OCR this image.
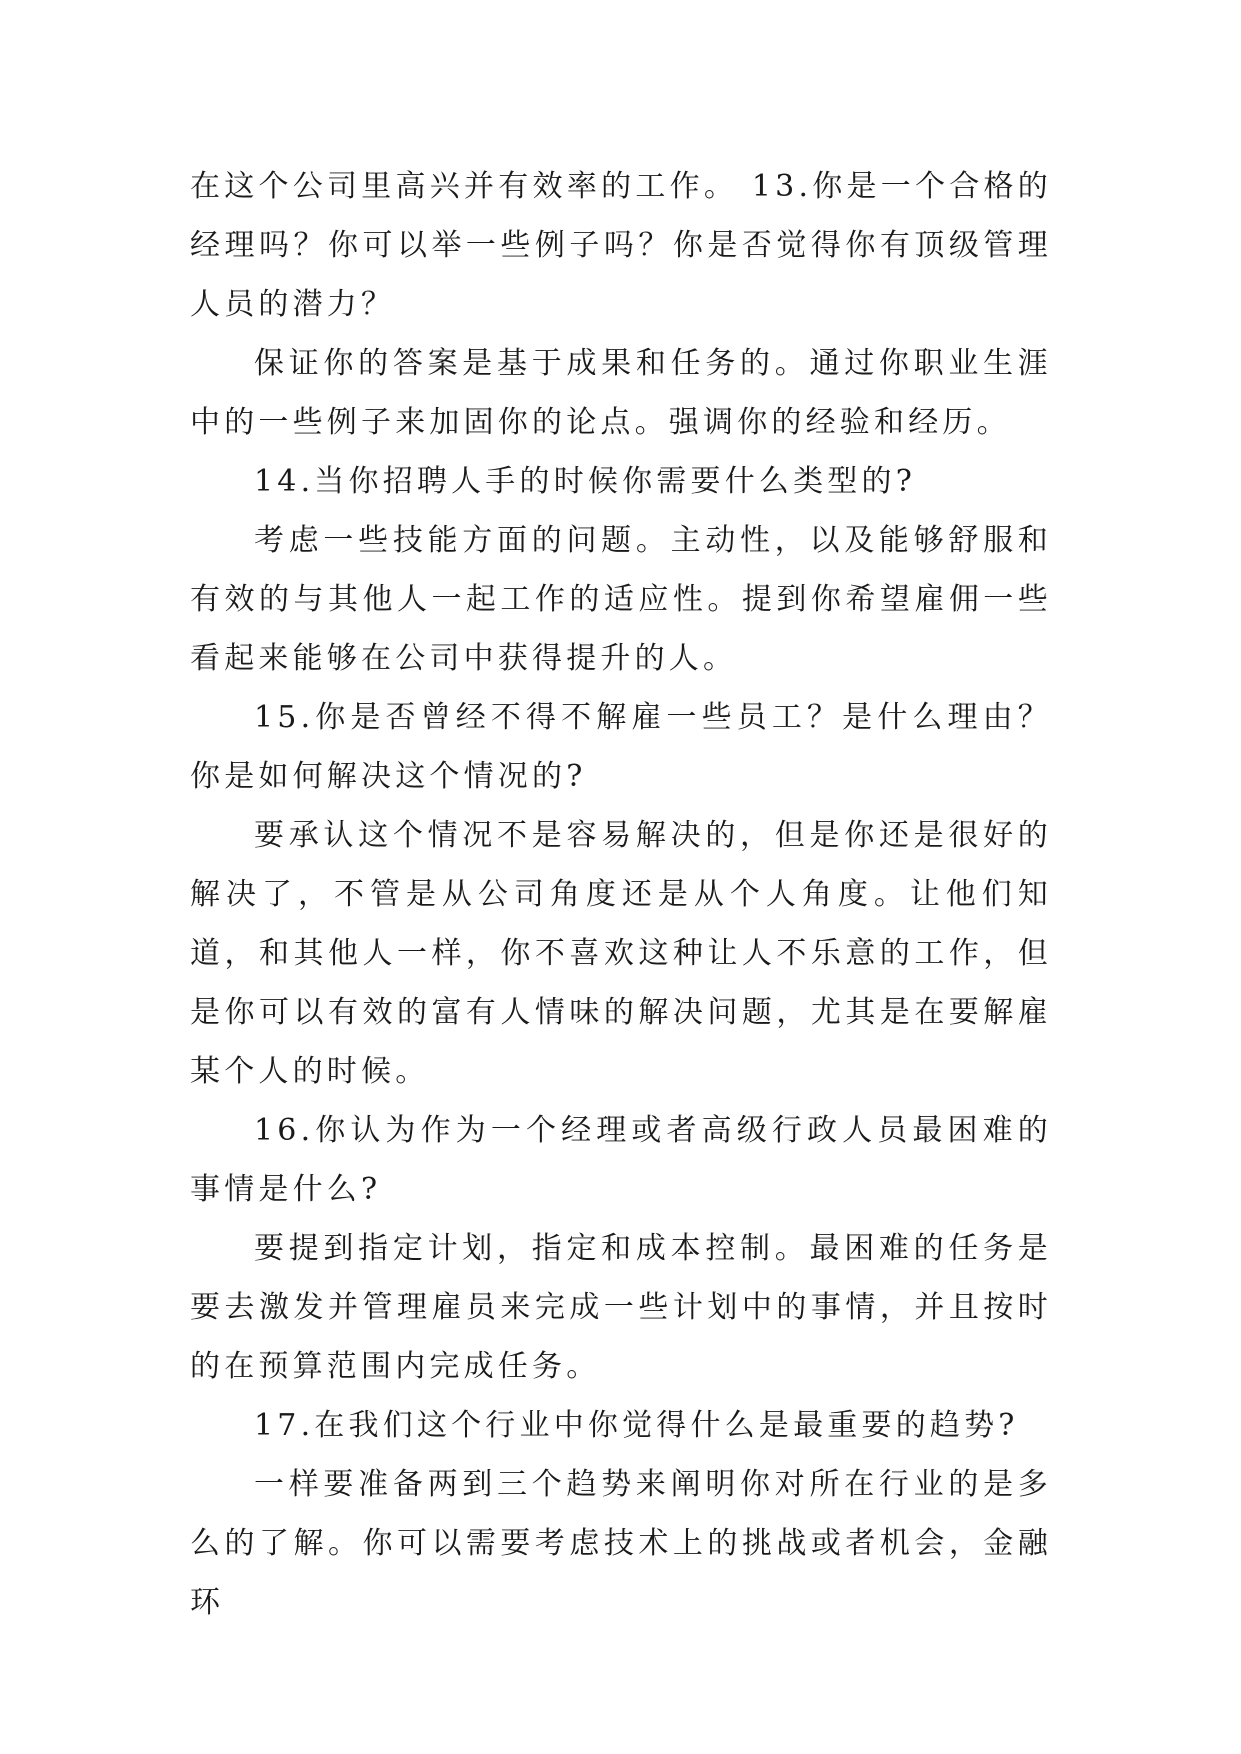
在这个公司里高兴并有效率的工作。 13.你是一个合格的经理吗？你可以举一些例子吗？你是否觉得你有顶级管理人员的潜力？

保证你的答案是基于成果和任务的。通过你职业生涯中的一些例子来加固你的论点。强调你的经验和经历。

14.当你招聘人手的时候你需要什么类型的?

考虑一些技能方面的问题。主动性，以及能够舒服和有效的与其他人一起工作的适应性。提到你希望雇佣一些看起来能够在公司中获得提升的人。

15.你是否曾经不得不解雇一些员工？是什么理由？你是如何解决这个情况的?

要承认这个情况不是容易解决的，但是你还是很好的解决了，不管是从公司角度还是从个人角度。让他们知道，和其他人一样，你不喜欢这种让人不乐意的工作，但是你可以有效的富有人情味的解决问题，尤其是在要解雇某个人的时候。

16.你认为作为一个经理或者高级行政人员最困难的事情是什么?

要提到指定计划，指定和成本控制。最困难的任务是要去激发并管理雇员来完成一些计划中的事情，并且按时的在预算范围内完成任务。

17.在我们这个行业中你觉得什么是最重要的趋势?

一样要准备两到三个趋势来阐明你对所在行业的是多么的了解。你可以需要考虑技术上的挑战或者机会，金融环
